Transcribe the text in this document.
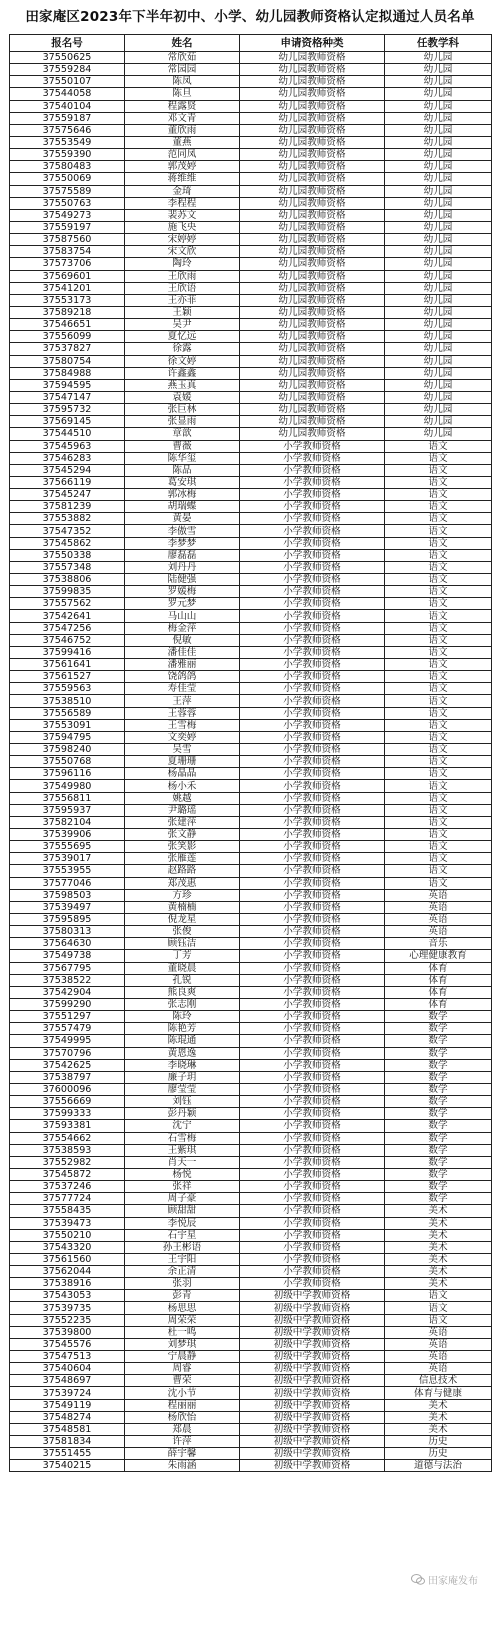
田家庵区2023年下半年初中、小学、幼儿园教师资格认定拟通过人员名单
报名号	姓名	申请资格种类	任教学科
37550625	常欣茹	幼儿园教师资格	幼儿园
37559284	常园园	幼儿园教师资格	幼儿园
37550107	陈凤	幼儿园教师资格	幼儿园
37544058	陈旦	幼儿园教师资格	幼儿园
37540104	程露贤	幼儿园教师资格	幼儿园
37559187	邓文青	幼儿园教师资格	幼儿园
37575646	董欣雨	幼儿园教师资格	幼儿园
37553549	董燕	幼儿园教师资格	幼儿园
37559390	范同凤	幼儿园教师资格	幼儿园
37580483	郭茂婷	幼儿园教师资格	幼儿园
37550069	蒋维维	幼儿园教师资格	幼儿园
37575589	金琦	幼儿园教师资格	幼儿园
37550763	李程程	幼儿园教师资格	幼儿园
37549273	裴苏文	幼儿园教师资格	幼儿园
37559197	施飞央	幼儿园教师资格	幼儿园
37587560	宋婷婷	幼儿园教师资格	幼儿园
37583754	宋文欣	幼儿园教师资格	幼儿园
37573706	陶玲	幼儿园教师资格	幼儿园
37569601	王欣雨	幼儿园教师资格	幼儿园
37541201	王欣语	幼儿园教师资格	幼儿园
37553173	王亦菲	幼儿园教师资格	幼儿园
37589218	王颖	幼儿园教师资格	幼儿园
37546651	吴尹	幼儿园教师资格	幼儿园
37556099	夏忆远	幼儿园教师资格	幼儿园
37537827	徐露	幼儿园教师资格	幼儿园
37580754	徐文婷	幼儿园教师资格	幼儿园
37584988	许鑫鑫	幼儿园教师资格	幼儿园
37594595	燕玉真	幼儿园教师资格	幼儿园
37547147	袁媛	幼儿园教师资格	幼儿园
37595732	张巨林	幼儿园教师资格	幼儿园
37569145	张显雨	幼儿园教师资格	幼儿园
37544510	章歆	幼儿园教师资格	幼儿园
37545963	曹薇	小学教师资格	语文
37546283	陈华玺	小学教师资格	语文
37545294	陈品	小学教师资格	语文
37566119	葛安琪	小学教师资格	语文
37545247	郭冰梅	小学教师资格	语文
37581239	胡瑞蝶	小学教师资格	语文
37553882	黄晏	小学教师资格	语文
37547352	李傲雪	小学教师资格	语文
37545862	李梦梦	小学教师资格	语文
37550338	廖磊磊	小学教师资格	语文
37557348	刘丹丹	小学教师资格	语文
37538806	陆健强	小学教师资格	语文
37599835	罗媛梅	小学教师资格	语文
37557562	罗元梦	小学教师资格	语文
37542641	马山山	小学教师资格	语文
37547256	梅金萍	小学教师资格	语文
37546752	倪敏	小学教师资格	语文
37599416	潘佳佳	小学教师资格	语文
37561641	潘雅丽	小学教师资格	语文
37561527	饶鸽鸽	小学教师资格	语文
37559563	寿佳莹	小学教师资格	语文
37538510	王萍	小学教师资格	语文
37556589	王蓉蓉	小学教师资格	语文
37553091	王雪梅	小学教师资格	语文
37594795	文奕婷	小学教师资格	语文
37598240	吴雪	小学教师资格	语文
37550768	夏珊珊	小学教师资格	语文
37596116	杨晶晶	小学教师资格	语文
37549980	杨小禾	小学教师资格	语文
37556811	姚越	小学教师资格	语文
37595937	尹璐瑶	小学教师资格	语文
37582104	张建萍	小学教师资格	语文
37539906	张文静	小学教师资格	语文
37555695	张笑影	小学教师资格	语文
37539017	张雁莲	小学教师资格	语文
37553955	赵路路	小学教师资格	语文
37577046	郑茂惠	小学教师资格	语文
37598503	方珍	小学教师资格	英语
37539497	黄楠楠	小学教师资格	英语
37595895	倪龙星	小学教师资格	英语
37580313	张俊	小学教师资格	英语
37564630	顾钰洁	小学教师资格	音乐
37549738	丁芳	小学教师资格	心理健康教育
37567795	董晓晨	小学教师资格	体育
37538522	孔锐	小学教师资格	体育
37542904	熊良爽	小学教师资格	体育
37599290	张志刚	小学教师资格	体育
37551297	陈玲	小学教师资格	数学
37557479	陈艳芳	小学教师资格	数学
37549995	陈琨通	小学教师资格	数学
37570796	黄恩逸	小学教师资格	数学
37542625	李晓琳	小学教师资格	数学
37538797	廉子玥	小学教师资格	数学
37600096	廖莹莹	小学教师资格	数学
37556669	刘钰	小学教师资格	数学
37599333	彭丹颖	小学教师资格	数学
37593381	沈宁	小学教师资格	数学
37554662	石雪梅	小学教师资格	数学
37538593	王紫琪	小学教师资格	数学
37552982	肖天一	小学教师资格	数学
37545872	杨悦	小学教师资格	数学
37537246	张祥	小学教师资格	数学
37577724	周子豪	小学教师资格	数学
37558435	顾甜甜	小学教师资格	美术
37539473	李悦辰	小学教师资格	美术
37550210	石宇星	小学教师资格	美术
37543320	孙王彬语	小学教师资格	美术
37561560	王宇阳	小学教师资格	美术
37562044	余正清	小学教师资格	美术
37538916	张羽	小学教师资格	美术
37543053	彭青	初级中学教师资格	语文
37539735	杨思思	初级中学教师资格	语文
37552235	周荣荣	初级中学教师资格	语文
37539800	杜一鸣	初级中学教师资格	英语
37545576	刘梦琪	初级中学教师资格	英语
37547513	宁晨静	初级中学教师资格	英语
37540604	周睿	初级中学教师资格	英语
37548697	曹荣	初级中学教师资格	信息技术
37539724	沈小节	初级中学教师资格	体育与健康
37549119	程丽丽	初级中学教师资格	美术
37548274	杨欣怡	初级中学教师资格	美术
37548581	郑晨	初级中学教师资格	美术
37581834	许萍	初级中学教师资格	历史
37551455	薛宇馨	初级中学教师资格	历史
37540215	朱雨涵	初级中学教师资格	道德与法治
田家庵发布
